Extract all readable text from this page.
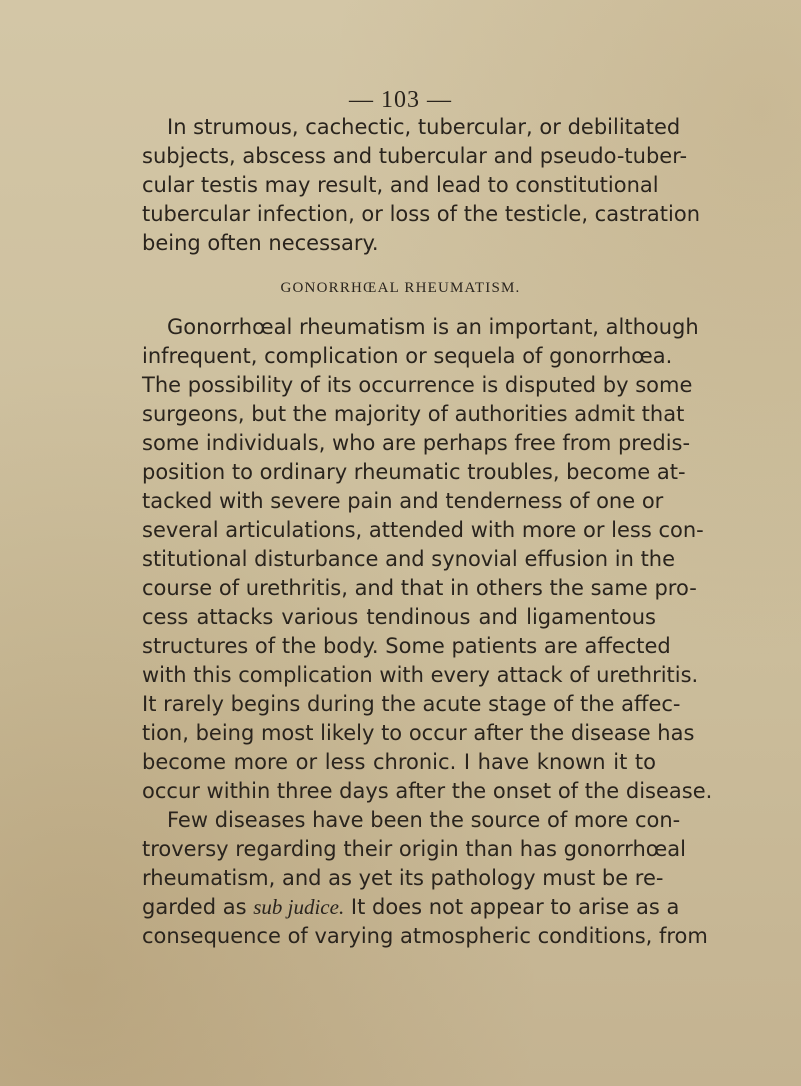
— 103 —
In strumous, cachectic, tubercular, or debilitated
subjects, abscess and tubercular and pseudo-tuber-
cular testis may result, and lead to constitutional
tubercular infection, or loss of the testicle, castration
being often necessary.
GONORRHŒAL RHEUMATISM.
Gonorrhœal rheumatism is an important, although
infrequent, complication or sequela of gonorrhœa.
The possibility of its occurrence is disputed by some
surgeons, but the majority of authorities admit that
some individuals, who are perhaps free from predis-
position to ordinary rheumatic troubles, become at-
tacked with severe pain and tenderness of one or
several articulations, attended with more or less con-
stitutional disturbance and synovial effusion in the
course of urethritis, and that in others the same pro-
cess attacks various tendinous and ligamentous
structures of the body. Some patients are affected
with this complication with every attack of urethritis.
It rarely begins during the acute stage of the affec-
tion, being most likely to occur after the disease has
become more or less chronic. I have known it to
occur within three days after the onset of the disease.
Few diseases have been the source of more con-
troversy regarding their origin than has gonorrhœal
rheumatism, and as yet its pathology must be re-
garded as sub judice. It does not appear to arise as a
consequence of varying atmospheric conditions, from
